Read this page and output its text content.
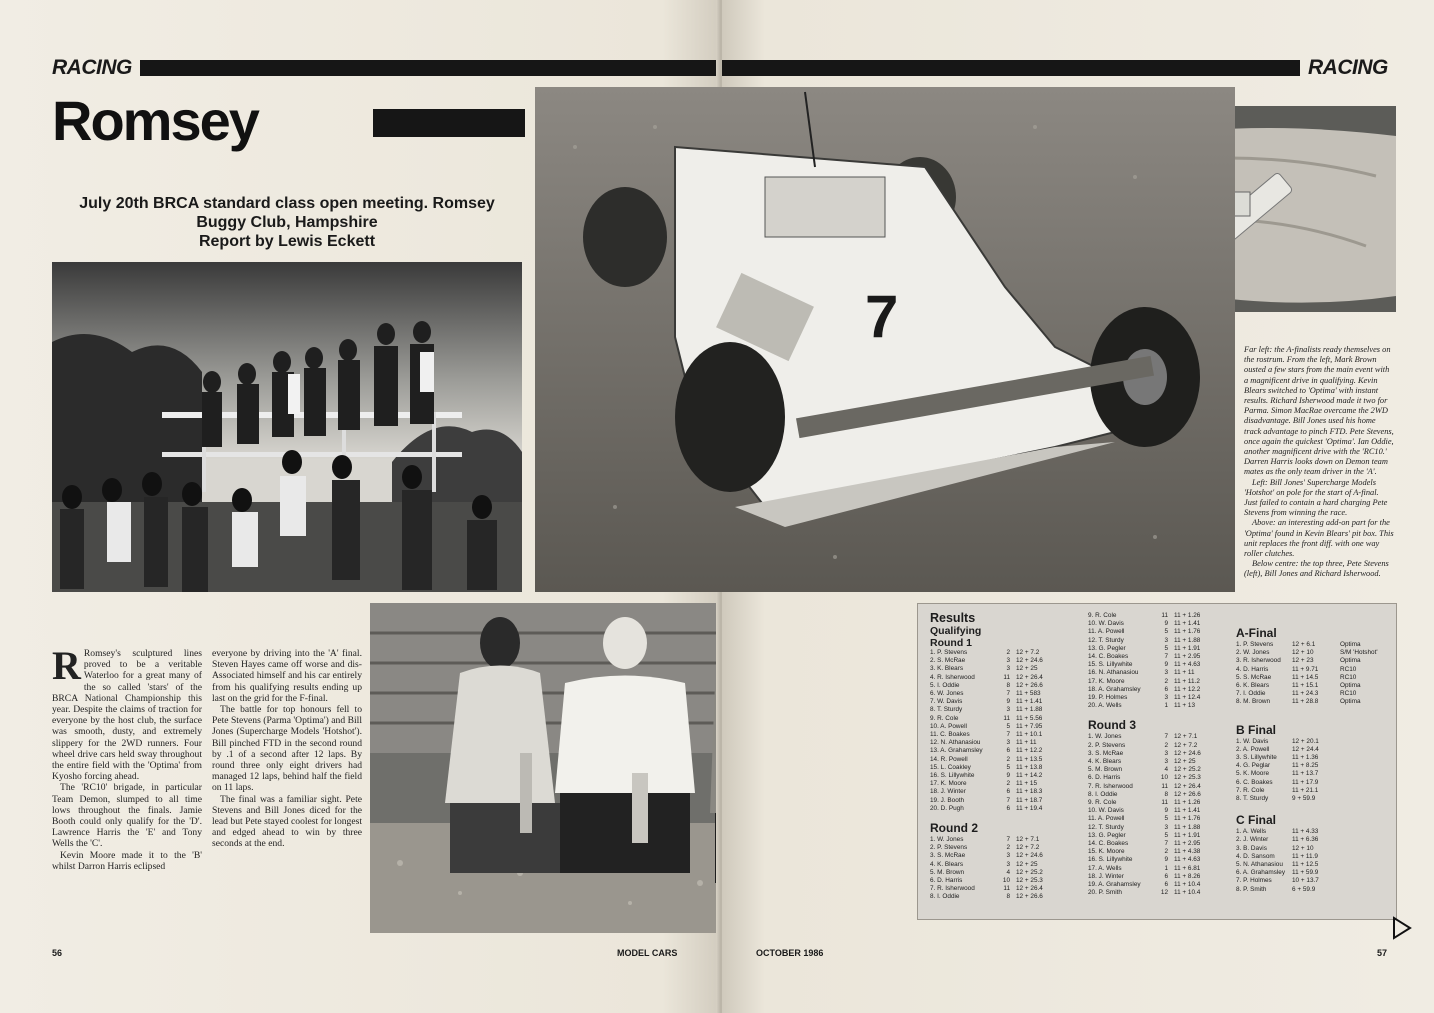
RACING
Romsey
July 20th BRCA standard class open meeting. Romsey
Buggy Club, Hampshire
Report by Lewis Eckett

R Romsey's sculptured lines proved to be a veritable Waterloo for a great many of the so called 'stars' of the BRCA National Championship this year. Despite the claims of traction for everyone by the host club, the surface was smooth, dusty, and extremely slippery for the 2WD runners. Four wheel drive cars held sway throughout the entire field with the 'Optima' from Kyosho forcing ahead.

The 'RC10' brigade, in particular Team Demon, slumped to all time lows throughout the finals. Jamie Booth could only qualify for the 'D'. Lawrence Harris the 'E' and Tony Wells the 'C'.

Kevin Moore made it to the 'B' whilst Darron Harris eclipsed

everyone by driving into the 'A' final. Steven Hayes came off worse and dis-Associated himself and his car entirely from his qualifying results ending up last on the grid for the F-final.

The battle for top honours fell to Pete Stevens (Parma 'Optima') and Bill Jones (Supercharge Models 'Hotshot'). Bill pinched FTD in the second round by .1 of a second after 12 laps. By round three only eight drivers had managed 12 laps, behind half the field on 11 laps.

The final was a familiar sight. Pete Stevens and Bill Jones diced for the lead but Pete stayed coolest for longest and edged ahead to win by three seconds at the end.

56	MODEL CARS
RACING

Far left: the A-finalists ready themselves on the rostrum. From the left, Mark Brown ousted a few stars from the main event with a magnificent drive in qualifying. Kevin Blears switched to 'Optima' with instant results. Richard Isherwood made it two for Parma. Simon MacRae overcame the 2WD disadvantage. Bill Jones used his home track advantage to pinch FTD. Pete Stevens, once again the quickest 'Optima'. Ian Oddie, another magnificent drive with the 'RC10.' Darren Harris looks down on Demon team mates as the only team driver in the 'A'.

Left: Bill Jones' Supercharge Models 'Hotshot' on pole for the start of A-final. Just failed to contain a hard charging Pete Stevens from winning the race.

Above: an interesting add-on part for the 'Optima' found in Kevin Blears' pit box. This unit replaces the front diff. with one way roller clutches.

Below centre: the top three, Pete Stevens (left), Bill Jones and Richard Isherwood.

OCTOBER 1986	57
7
Results
Qualifying
Round 1
1. P. Stevens	2 12 + 7.2
2. S. McRae	3 12 + 24.6
3. K. Blears	3 12 + 25
4. R. Isherwood	11 12 + 26.4
5. I. Oddie	8 12 + 26.6
6. W. Jones	7 11 + 583
7. W. Davis	9 11 + 1.41
8. T. Sturdy	3 11 + 1.88
9. R. Cole	11 11 + 5.56
10. A. Powell	5 11 + 7.95
11. C. Boakes	7 11 + 10.1
12. N. Athanasiou	3 11 + 11
13. A. Grahamsley	6 11 + 12.2
14. R. Powell	2 11 + 13.5
15. L. Coakley	5 11 + 13.8
16. S. Lillywhite	9 11 + 14.2
17. K. Moore	2 11 + 15
18. J. Winter	6 11 + 18.3
19. J. Booth	7 11 + 18.7
20. D. Pugh	6 11 + 19.4
Round 2
1. W. Jones	7 12 + 7.1
2. P. Stevens	2 12 + 7.2
3. S. McRae	3 12 + 24.6
4. K. Blears	3 12 + 25
5. M. Brown	4 12 + 25.2
6. D. Harris	10 12 + 25.3
7. R. Isherwood	11 12 + 26.4
8. I. Oddie	8 12 + 26.6
9. R. Cole	11 11 + 1.26
10. W. Davis	9 11 + 1.41
11. A. Powell	5 11 + 1.76
12. T. Sturdy	3 11 + 1.88
13. G. Pegler	5 11 + 1.91
14. C. Boakes	7 11 + 2.95
15. S. Lillywhite	9 11 + 4.63
16. N. Athanasiou	3 11 + 11
17. K. Moore	2 11 + 11.2
18. A. Grahamsley	6 11 + 12.2
19. P. Holmes	3 11 + 12.4
20. A. Wells	1 11 + 13
Round 3
1. W. Jones	7 12 + 7.1
2. P. Stevens	2 12 + 7.2
3. S. McRae	3 12 + 24.6
4. K. Blears	3 12 + 25
5. M. Brown	4 12 + 25.2
6. D. Harris	10 12 + 25.3
7. R. Isherwood	11 12 + 26.4
8. I. Oddie	8 12 + 26.6
9. R. Cole	11 11 + 1.26
10. W. Davis	9 11 + 1.41
11. A. Powell	5 11 + 1.76
12. T. Sturdy	3 11 + 1.88
13. G. Pegler	5 11 + 1.91
14. C. Boakes	7 11 + 2.95
15. K. Moore	2 11 + 4.38
16. S. Lillywhite	9 11 + 4.63
17. A. Wells	1 11 + 6.81
18. J. Winter	6 11 + 8.26
19. A. Grahamsley	6 11 + 10.4
20. P. Smith	12 11 + 10.4
A-Final
1. P. Stevens	12 + 6.1	Optima
2. W. Jones	12 + 10	S/M 'Hotshot'
3. R. Isherwood	12 + 23	Optima
4. D. Harris	11 + 9.71	RC10
5. S. McRae	11 + 14.5	RC10
6. K. Blears	11 + 15.1	Optima
7. I. Oddie	11 + 24.3	RC10
8. M. Brown	11 + 28.8	Optima
B Final
1. W. Davis	12 + 20.1
2. A. Powell	12 + 24.4
3. S. Lillywhite	11 + 1.36
4. G. Peglar	11 + 8.25
5. K. Moore	11 + 13.7
6. C. Boakes	11 + 17.9
7. R. Cole	11 + 21.1
8. T. Sturdy	9 + 59.9
C Final
1. A. Wells	11 + 4.33
2. J. Winter	11 + 6.36
3. B. Davis	12 + 10
4. D. Sansom	11 + 11.9
5. N. Athanasiou	11 + 12.5
6. A. Grahamsley	11 + 59.9
7. P. Holmes	10 + 13.7
8. P. Smith	6 + 59.9
